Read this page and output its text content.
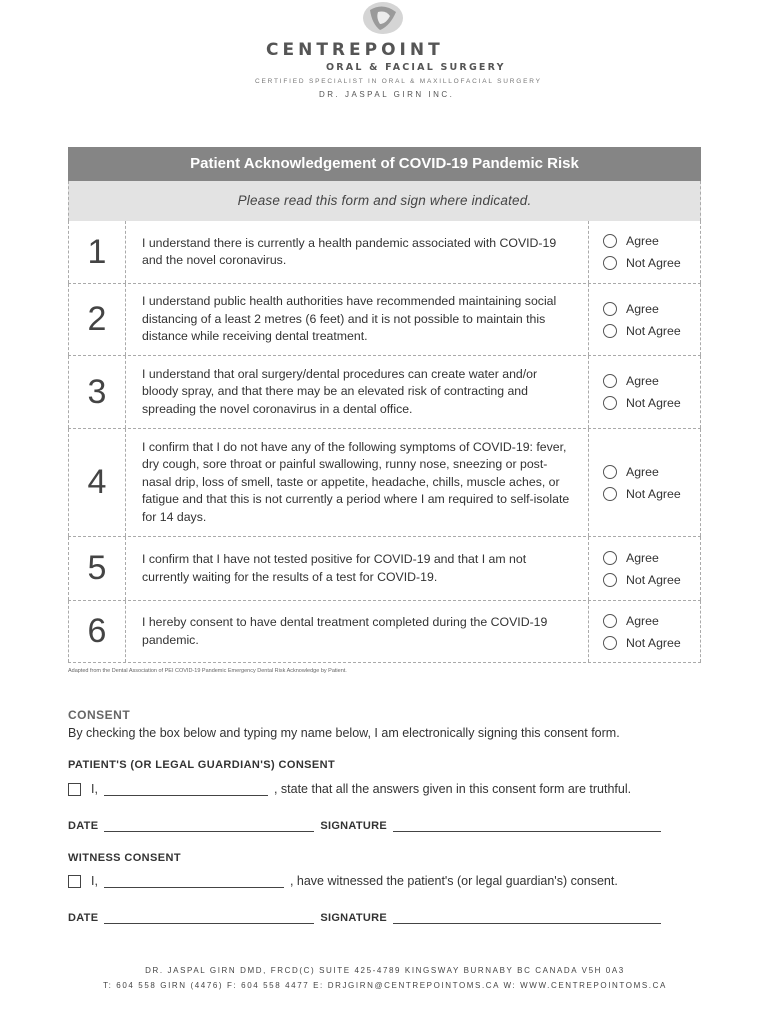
CENTREPOINT
ORAL & FACIAL SURGERY
CERTIFIED SPECIALIST IN ORAL & MAXILLOFACIAL SURGERY
DR. JASPAL GIRN INC.
Patient Acknowledgement of COVID-19 Pandemic Risk
Please read this form and sign where indicated.
1	I understand there is currently a health pandemic associated with COVID-19 and the novel coronavirus.
Agree
Not Agree
2	I understand public health authorities have recommended maintaining social distancing of a least 2 metres (6 feet) and it is not possible to maintain this distance while receiving dental treatment.
Agree
Not Agree
3	I understand that oral surgery/dental procedures can create water and/or bloody spray, and that there may be an elevated risk of contracting and spreading the novel coronavirus in a dental office.
Agree
Not Agree
4
I confirm that I do not have any of the following symptoms of COVID-19: fever, dry cough, sore throat or painful swallowing, runny nose, sneezing or post-nasal drip, loss of smell, taste or appetite, headache, chills, muscle aches, or fatigue and that this is not currently a period where I am required to self-isolate for 14 days.
Agree
Not Agree
5	I confirm that I have not tested positive for COVID-19 and that I am not currently waiting for the results of a test for COVID-19.
Agree
Not Agree
6	I hereby consent to have dental treatment completed during the COVID-19 pandemic.
Agree
Not Agree
Adapted from the Dental Association of PEI COVID-19 Pandemic Emergency Dental Risk Acknowledge by Patient.
CONSENT
By checking the box below and typing my name below, I am electronically signing this consent form.
PATIENT'S (OR LEGAL GUARDIAN'S) CONSENT
I,	, state that all the answers given in this consent form are truthful.
DATE	SIGNATURE
WITNESS CONSENT
I,	, have witnessed the patient's (or legal guardian's) consent.
DATE	SIGNATURE
DR. JASPAL GIRN DMD, FRCD(C) SUITE 425-4789 KINGSWAY BURNABY BC CANADA V5H 0A3
T: 604 558 GIRN (4476) F: 604 558 4477 E: DRJGIRN@CENTREPOINTOMS.CA W: WWW.CENTREPOINTOMS.CA
